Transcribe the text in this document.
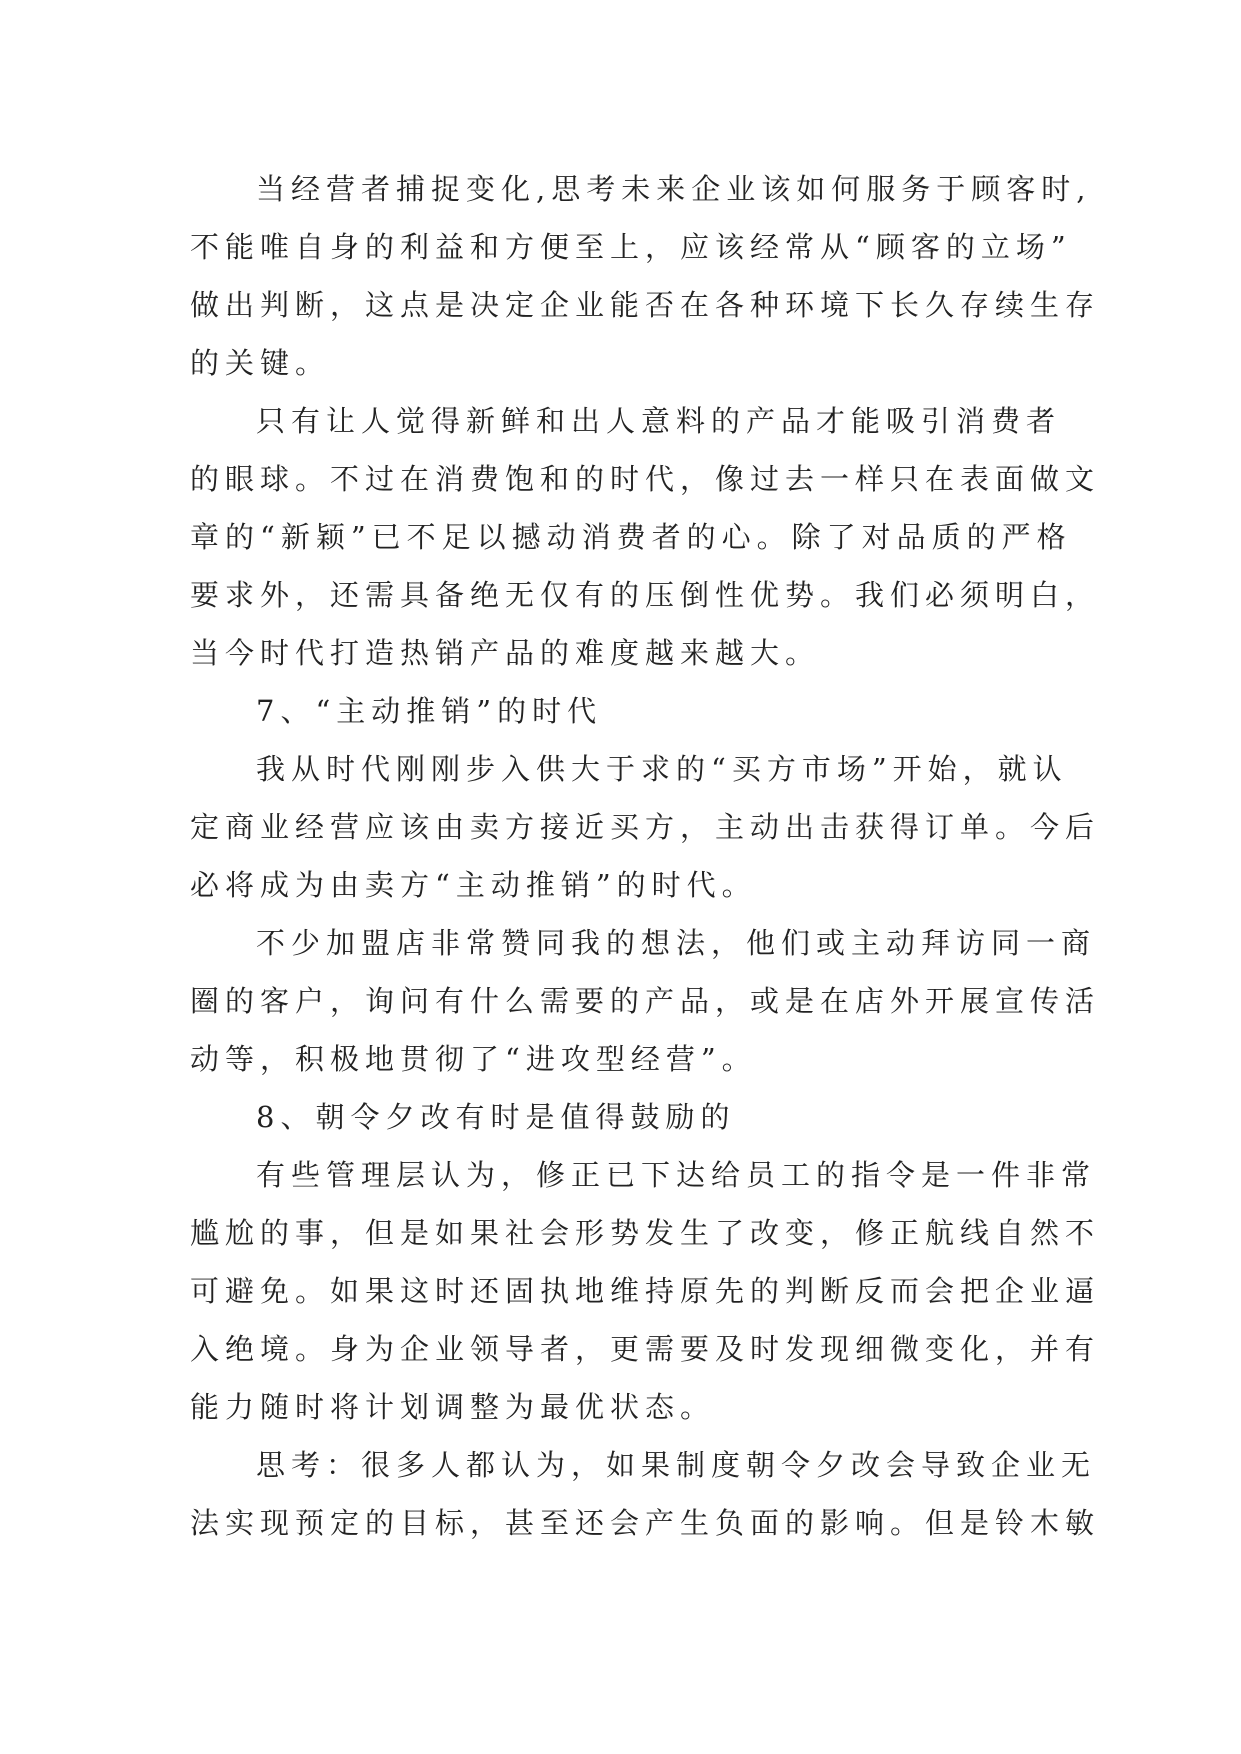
当经营者捕捉变化,思考未来企业该如何服务于顾客时,

不能唯自身的利益和方便至上，应该经常从“顾客的立场”

做出判断，这点是决定企业能否在各种环境下长久存续生存

的关键。

只有让人觉得新鲜和出人意料的产品才能吸引消费者

的眼球。不过在消费饱和的时代，像过去一样只在表面做文

章的“新颖”已不足以撼动消费者的心。除了对品质的严格

要求外，还需具备绝无仅有的压倒性优势。我们必须明白，

当今时代打造热销产品的难度越来越大。

7、“主动推销”的时代

我从时代刚刚步入供大于求的“买方市场”开始，就认

定商业经营应该由卖方接近买方，主动出击获得订单。今后

必将成为由卖方“主动推销”的时代。

不少加盟店非常赞同我的想法，他们或主动拜访同一商

圈的客户，询问有什么需要的产品，或是在店外开展宣传活

动等，积极地贯彻了“进攻型经营”。

8、朝令夕改有时是值得鼓励的

有些管理层认为，修正已下达给员工的指令是一件非常

尴尬的事，但是如果社会形势发生了改变，修正航线自然不

可避免。如果这时还固执地维持原先的判断反而会把企业逼

入绝境。身为企业领导者，更需要及时发现细微变化，并有

能力随时将计划调整为最优状态。

思考：很多人都认为，如果制度朝令夕改会导致企业无

法实现预定的目标，甚至还会产生负面的影响。但是铃木敏
